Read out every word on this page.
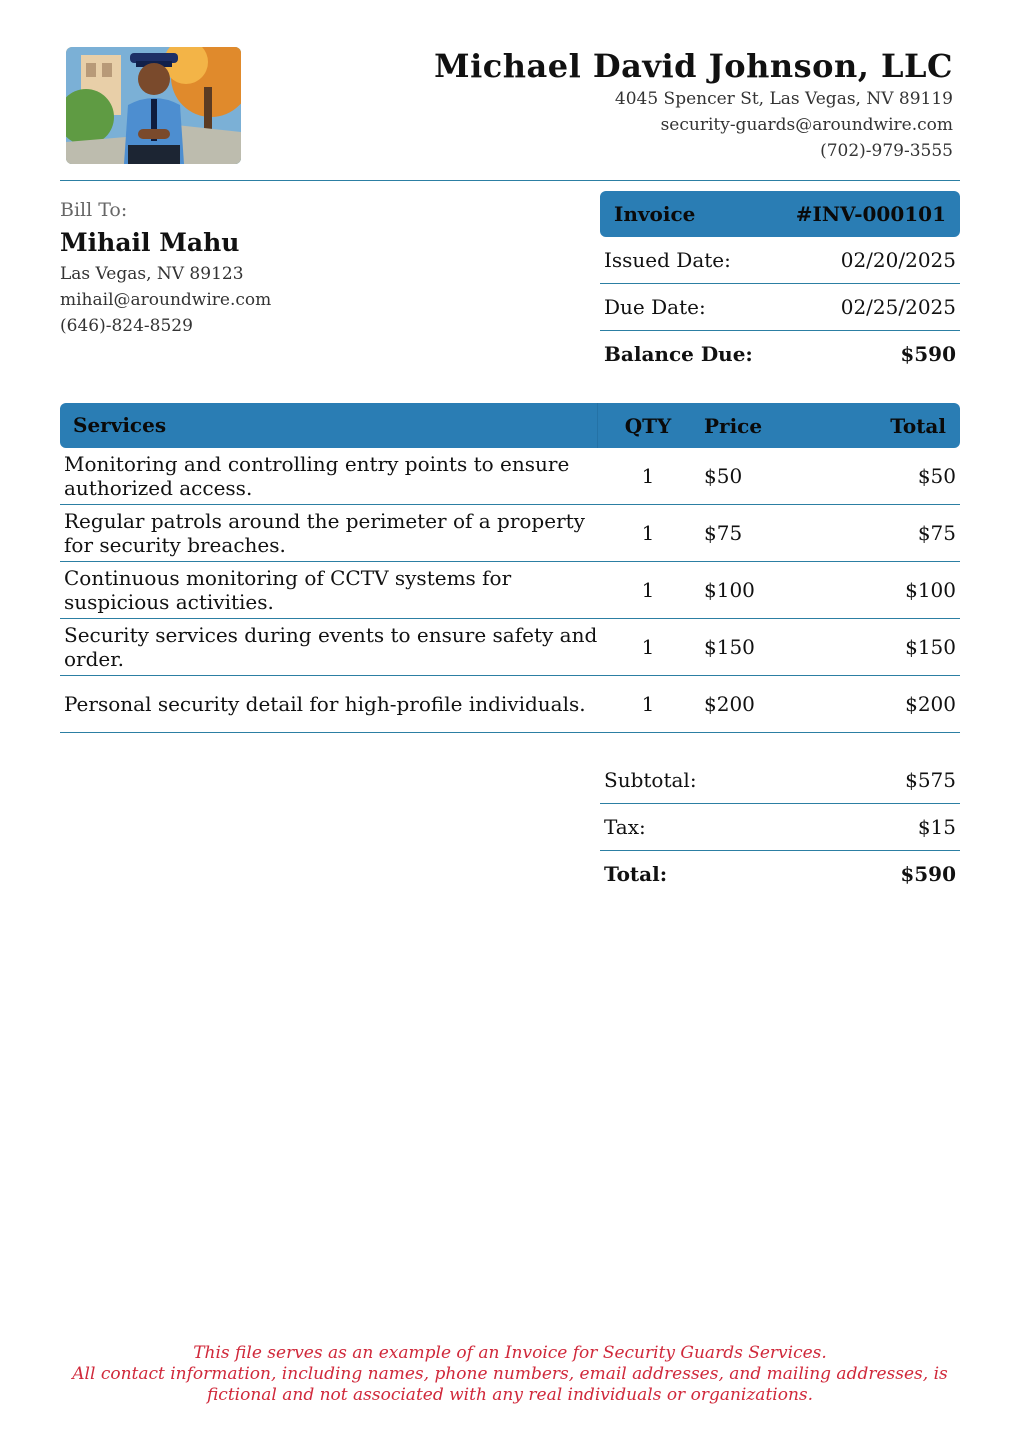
Michael David Johnson, LLC
4045 Spencer St, Las Vegas, NV 89119
security-guards@aroundwire.com
(702)-979-3555
Bill To:
Mihail Mahu
Las Vegas, NV 89123
mihail@aroundwire.com
(646)-824-8529
Invoice	#INV-000101
Issued Date:	02/20/2025
Due Date:	02/25/2025
Balance Due:	$590
Services	QTY	Price	Total
Monitoring and controlling entry points to ensure authorized access.	1	$50	$50
Regular patrols around the perimeter of a property for security breaches.	1	$75	$75
Continuous monitoring of CCTV systems for suspicious activities.	1	$100	$100
Security services during events to ensure safety and order.	1	$150	$150
Personal security detail for high-profile individuals.	1	$200	$200
Subtotal:	$575
Tax:	$15
Total:	$590
This file serves as an example of an Invoice for Security Guards Services.
All contact information, including names, phone numbers, email addresses, and mailing addresses, is
fictional and not associated with any real individuals or organizations.
